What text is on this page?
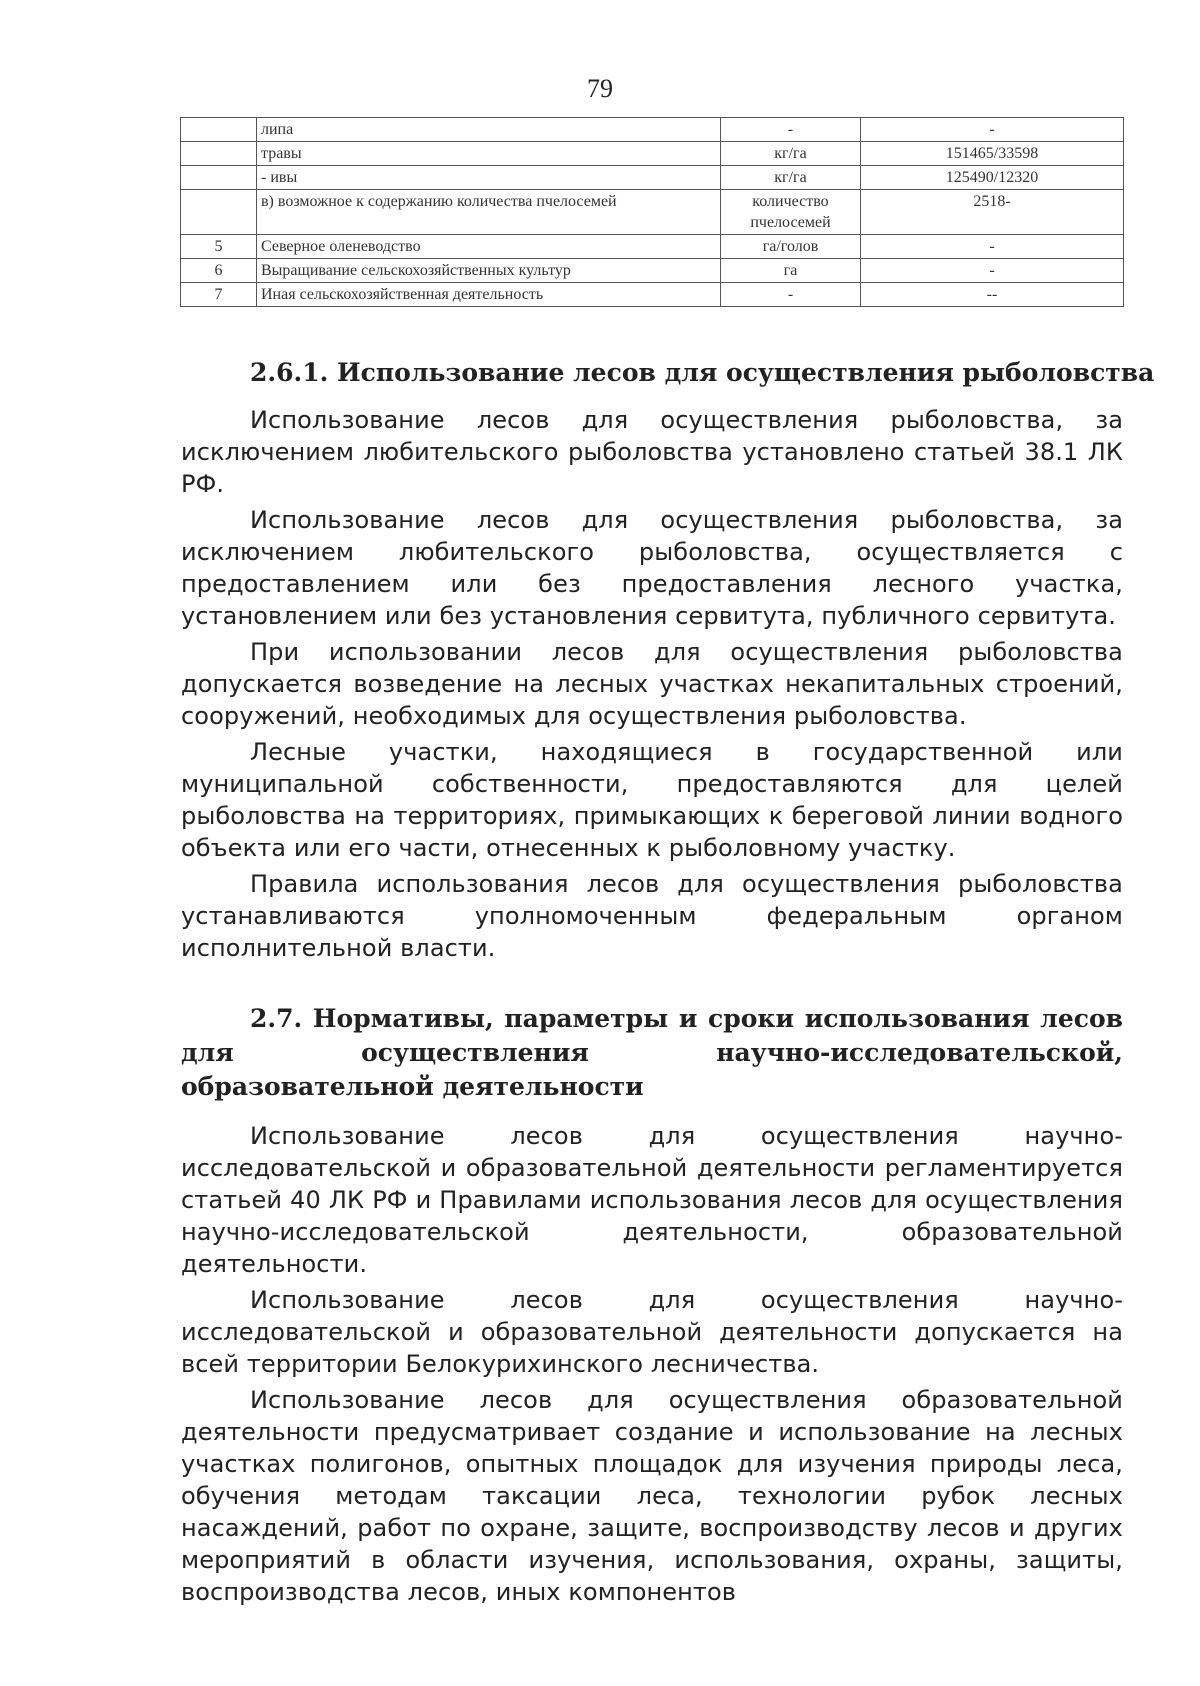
79
	липа	-	-
	травы	кг/га	151465/33598
	- ивы	кг/га	125490/12320
	в) возможное к содержанию количества пчелосемей	количество пчелосемей	2518-
5	Северное оленеводство	га/голов	-
6	Выращивание сельскохозяйственных культур	га	-
7	Иная сельскохозяйственная деятельность	-	--
2.6.1. Использование лесов для осуществления рыболовства

Использование лесов для осуществления рыболовства, за исключением любительского рыболовства установлено статьей 38.1 ЛК РФ.

Использование лесов для осуществления рыболовства, за исключением любительского рыболовства, осуществляется с предоставлением или без предоставления лесного участка, установлением или без установления сервитута, публичного сервитута.

При использовании лесов для осуществления рыболовства допускается возведение на лесных участках некапитальных строений, сооружений, необходимых для осуществления рыболовства.

Лесные участки, находящиеся в государственной или муниципальной собственности, предоставляются для целей рыболовства на территориях, примыкающих к береговой линии водного объекта или его части, отнесенных к рыболовному участку.

Правила использования лесов для осуществления рыболовства устанавливаются уполномоченным федеральным органом исполнительной власти.

2.7. Нормативы, параметры и сроки использования лесов для осуществления научно-исследовательской, образовательной деятельности

Использование лесов для осуществления научно-исследовательской и образовательной деятельности регламентируется статьей 40 ЛК РФ и Правилами использования лесов для осуществления научно-исследовательской деятельности, образовательной деятельности.

Использование лесов для осуществления научно-исследовательской и образовательной деятельности допускается на всей территории Белокурихинского лесничества.

Использование лесов для осуществления образовательной деятельности предусматривает создание и использование на лесных участках полигонов, опытных площадок для изучения природы леса, обучения методам таксации леса, технологии рубок лесных насаждений, работ по охране, защите, воспроизводству лесов и других мероприятий в области изучения, использования, охраны, защиты, воспроизводства лесов, иных компонентов
